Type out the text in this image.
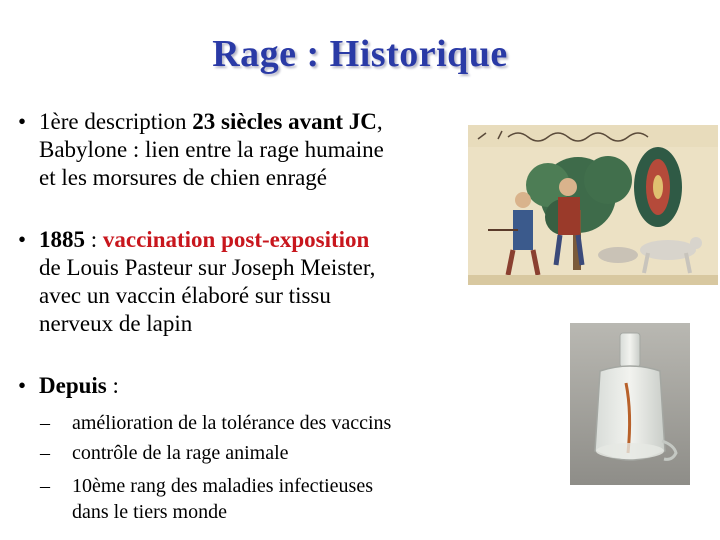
Rage : Historique
• 1ère description 23 siècles avant JC,
Babylone : lien entre la rage humaine
et les morsures de chien enragé
• 1885 : vaccination post-exposition
de Louis Pasteur sur Joseph Meister,
avec un vaccin élaboré sur tissu
nerveux de lapin
• Depuis :
– amélioration de la tolérance des vaccins
– contrôle de la rage animale
– 10ème rang des maladies infectieuses
dans le tiers monde
